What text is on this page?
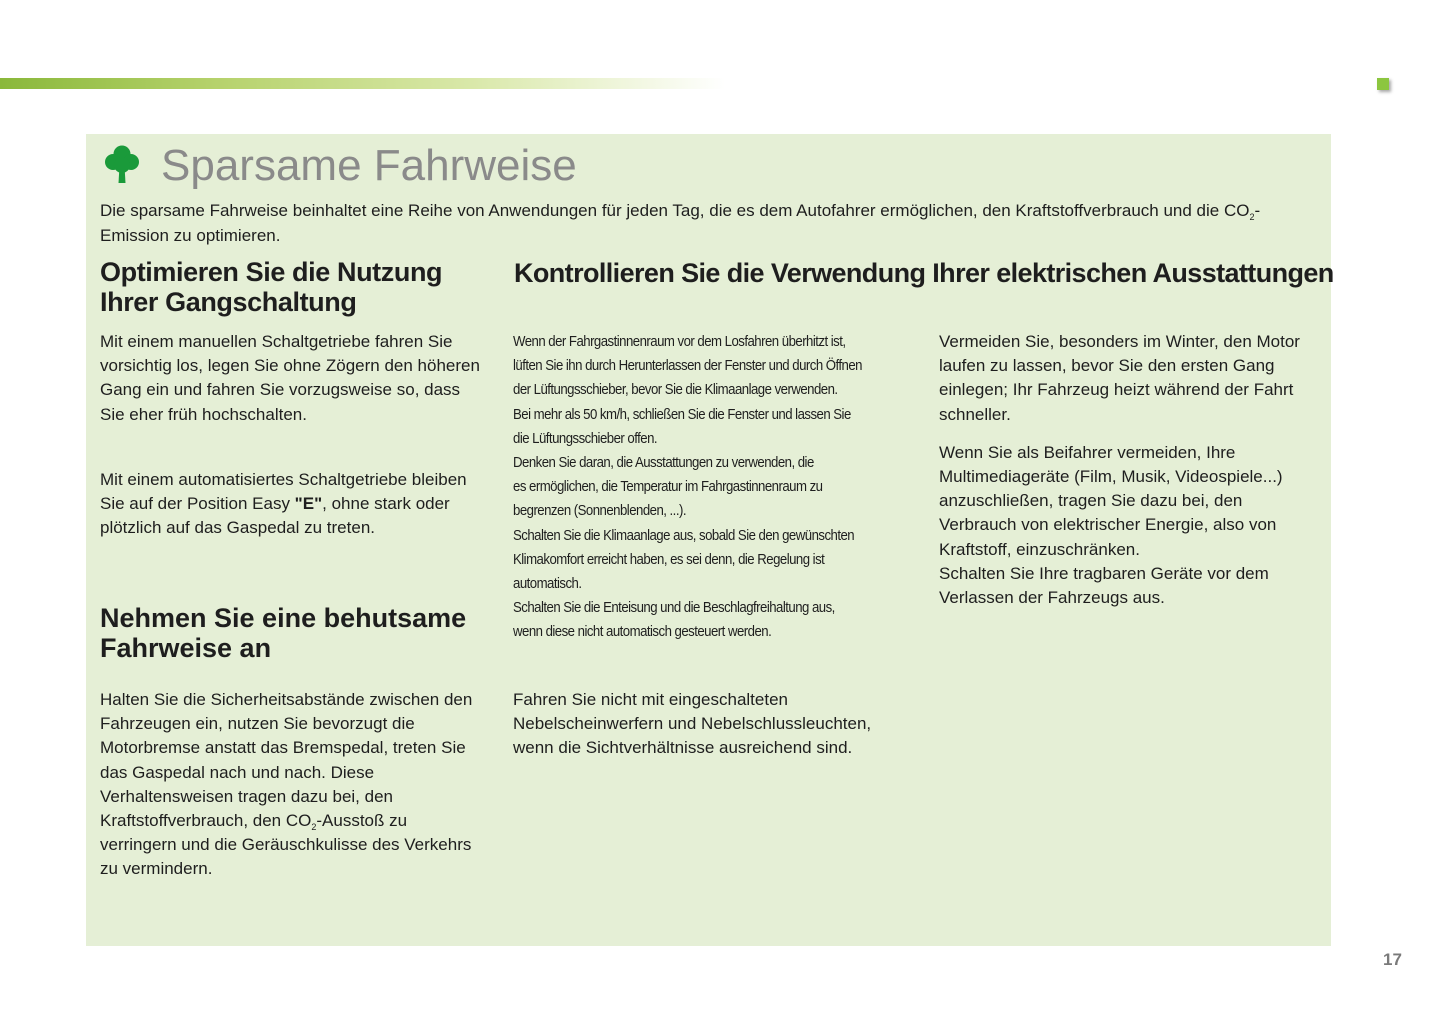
Sparsame Fahrweise

Die sparsame Fahrweise beinhaltet eine Reihe von Anwendungen für jeden Tag, die es dem Autofahrer ermöglichen, den Kraftstoffverbrauch und die $CO_2$-Emission zu optimieren.

Optimieren Sie die Nutzung Ihrer Gangschaltung

Mit einem manuellen Schaltgetriebe fahren Sie vorsichtig los, legen Sie ohne Zögern den höheren Gang ein und fahren Sie vorzugsweise so, dass Sie eher früh hochschalten.

Mit einem automatisiertes Schaltgetriebe bleiben Sie auf der Position Easy "E", ohne stark oder plötzlich auf das Gaspedal zu treten.

Nehmen Sie eine behutsame Fahrweise an

Halten Sie die Sicherheitsabstände zwischen den Fahrzeugen ein, nutzen Sie bevorzugt die Motorbremse anstatt das Bremspedal, treten Sie das Gaspedal nach und nach. Diese Verhaltensweisen tragen dazu bei, den Kraftstoffverbrauch, den $CO_2$-Ausstoß zu verringern und die Geräuschkulisse des Verkehrs zu vermindern.

Kontrollieren Sie die Verwendung Ihrer elektrischen Ausstattungen
Wenn der Fahrgastinnenraum vor dem Losfahren überhitzt ist,
lüften Sie ihn durch Herunterlassen der Fenster und durch Öffnen
der Lüftungsschieber, bevor Sie die Klimaanlage verwenden.
Bei mehr als 50 km/h, schließen Sie die Fenster und lassen Sie
die Lüftungsschieber offen.
Denken Sie daran, die Ausstattungen zu verwenden, die
es ermöglichen, die Temperatur im Fahrgastinnenraum zu
begrenzen (Sonnenblenden, ...).
Schalten Sie die Klimaanlage aus, sobald Sie den gewünschten
Klimakomfort erreicht haben, es sei denn, die Regelung ist
automatisch.
Schalten Sie die Enteisung und die Beschlagfreihaltung aus,
wenn diese nicht automatisch gesteuert werden.

Fahren Sie nicht mit eingeschalteten Nebelscheinwerfern und Nebelschlussleuchten, wenn die Sichtverhältnisse ausreichend sind.

Vermeiden Sie, besonders im Winter, den Motor laufen zu lassen, bevor Sie den ersten Gang einlegen; Ihr Fahrzeug heizt während der Fahrt schneller.

Wenn Sie als Beifahrer vermeiden, Ihre Multimediageräte (Film, Musik, Videospiele...) anzuschließen, tragen Sie dazu bei, den Verbrauch von elektrischer Energie, also von Kraftstoff, einzuschränken.

Schalten Sie Ihre tragbaren Geräte vor dem Verlassen der Fahrzeugs aus.

17
